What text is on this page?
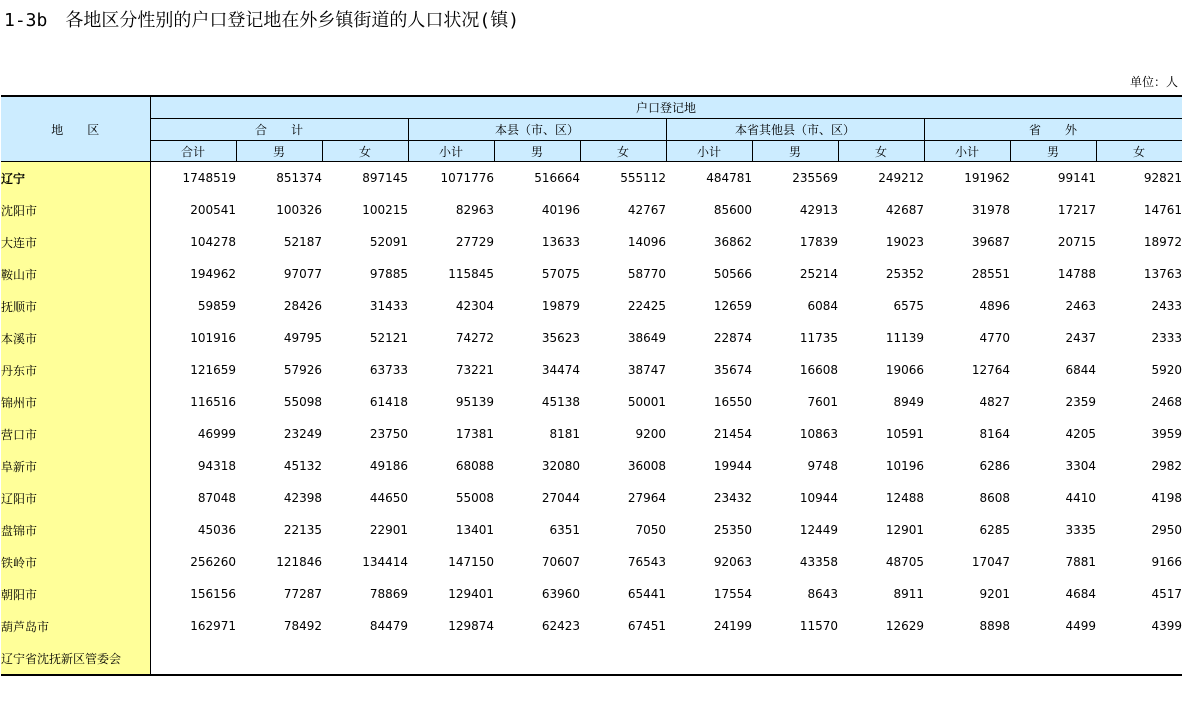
1-3b 各地区分性别的户口登记地在外乡镇街道的人口状况(镇)
单位：人
地　　区	户口登记地											
	合　　计			本县（市、区）			本省其他县（市、区）			省　　外		
	合计	男	女	小计	男	女	小计	男	女	小计	男	女
辽宁	1748519	851374	897145	1071776	516664	555112	484781	235569	249212	191962	99141	92821
沈阳市	200541	100326	100215	82963	40196	42767	85600	42913	42687	31978	17217	14761
大连市	104278	52187	52091	27729	13633	14096	36862	17839	19023	39687	20715	18972
鞍山市	194962	97077	97885	115845	57075	58770	50566	25214	25352	28551	14788	13763
抚顺市	59859	28426	31433	42304	19879	22425	12659	6084	6575	4896	2463	2433
本溪市	101916	49795	52121	74272	35623	38649	22874	11735	11139	4770	2437	2333
丹东市	121659	57926	63733	73221	34474	38747	35674	16608	19066	12764	6844	5920
锦州市	116516	55098	61418	95139	45138	50001	16550	7601	8949	4827	2359	2468
营口市	46999	23249	23750	17381	8181	9200	21454	10863	10591	8164	4205	3959
阜新市	94318	45132	49186	68088	32080	36008	19944	9748	10196	6286	3304	2982
辽阳市	87048	42398	44650	55008	27044	27964	23432	10944	12488	8608	4410	4198
盘锦市	45036	22135	22901	13401	6351	7050	25350	12449	12901	6285	3335	2950
铁岭市	256260	121846	134414	147150	70607	76543	92063	43358	48705	17047	7881	9166
朝阳市	156156	77287	78869	129401	63960	65441	17554	8643	8911	9201	4684	4517
葫芦岛市	162971	78492	84479	129874	62423	67451	24199	11570	12629	8898	4499	4399
辽宁省沈抚新区管委会												
